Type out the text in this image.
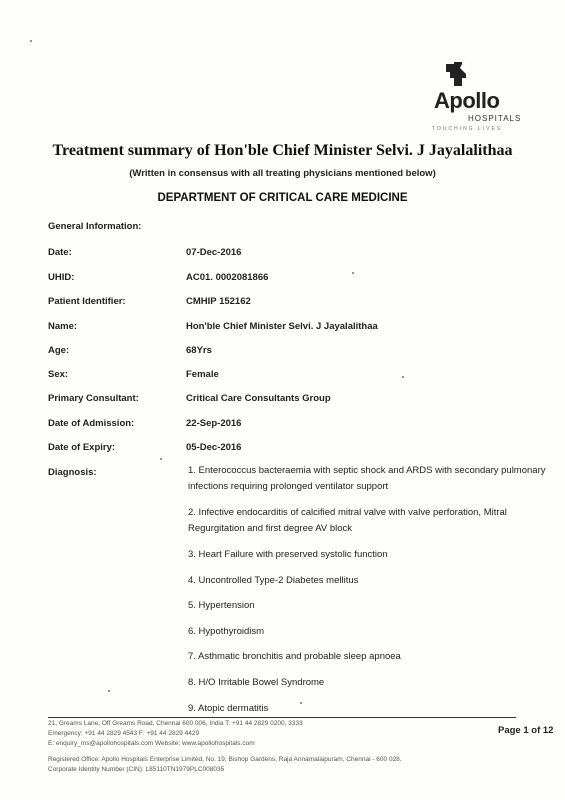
Apollo
HOSPITALS
TOUCHING LIVES
Treatment summary of Hon'ble Chief Minister Selvi. J Jayalalithaa
(Written in consensus with all treating physicians mentioned below)
DEPARTMENT OF CRITICAL CARE MEDICINE
General Information:
Date:	07-Dec-2016
UHID:	AC01. 0002081866
Patient Identifier:	CMHIP 152162
Name:	Hon'ble Chief Minister Selvi. J Jayalalithaa
Age:	68Yrs
Sex:	Female
Primary Consultant:	Critical Care Consultants Group
Date of Admission:	22-Sep-2016
Date of Expiry:	05-Dec-2016
Diagnosis:	1. Enterococcus bacteraemia with septic shock and ARDS with secondary pulmonary infections requiring prolonged ventilator support
2. Infective endocarditis of calcified mitral valve with valve perforation, Mitral Regurgitation and first degree AV block
3. Heart Failure with preserved systolic function
4. Uncontrolled Type-2 Diabetes mellitus
5. Hypertension
6. Hypothyroidism
7. Asthmatic bronchitis and probable sleep apnoea
8. H/O Irritable Bowel Syndrome
9. Atopic dermatitis
21, Greams Lane, Off Greams Road, Chennai 600 006, India T: +91 44 2829 0200, 3333
Emergency: +91 44 2829 4543 F: +91 44 2829 4429
E: enquiry_ms@apollohospitals.com Website: www.apollohospitals.com
Registered Office: Apollo Hospitals Enterprise Limited, No. 19, Bishop Gardens, Raja Annamalaipuram, Chennai - 600 028.
Corporate Identity Number (CIN): L85110TN1979PLC008035
Page 1 of 12
